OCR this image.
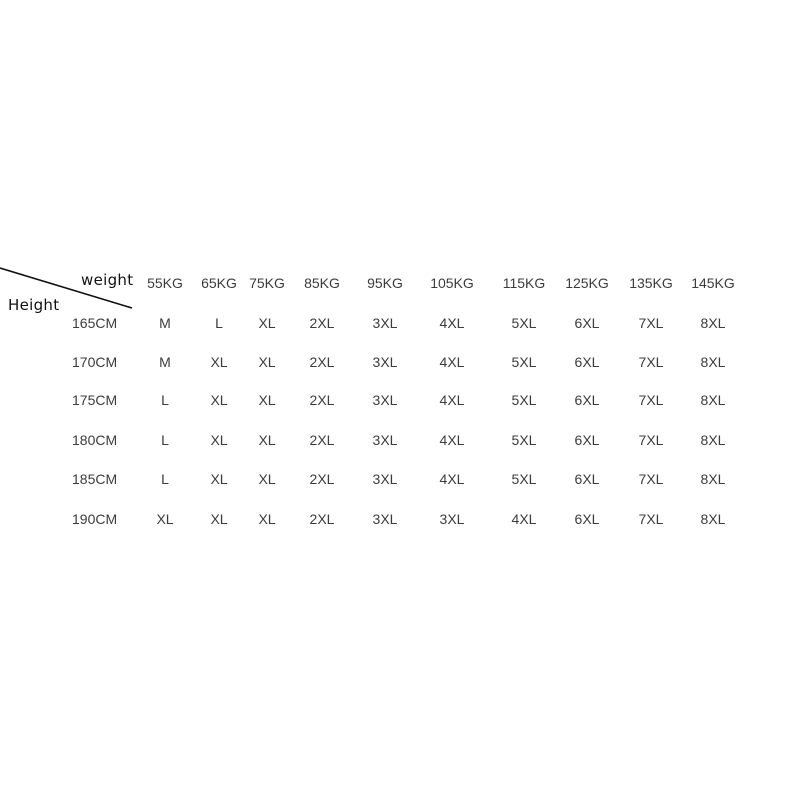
weight
Height
55KG	65KG 75KG	85KG	95KG	105KG	115KG	125KG	135KG	145KG
165CM	M	L	XL	2XL	3XL	4XL	5XL	6XL	7XL	8XL
170CM	M	XL	XL	2XL	3XL	4XL	5XL	6XL	7XL	8XL
175CM	L	XL	XL	2XL	3XL	4XL	5XL	6XL	7XL	8XL
180CM	L	XL	XL	2XL	3XL	4XL	5XL	6XL	7XL	8XL
185CM	L	XL	XL	2XL	3XL	4XL	5XL	6XL	7XL	8XL
190CM	XL	XL	XL	2XL	3XL	3XL	4XL	6XL	7XL	8XL
